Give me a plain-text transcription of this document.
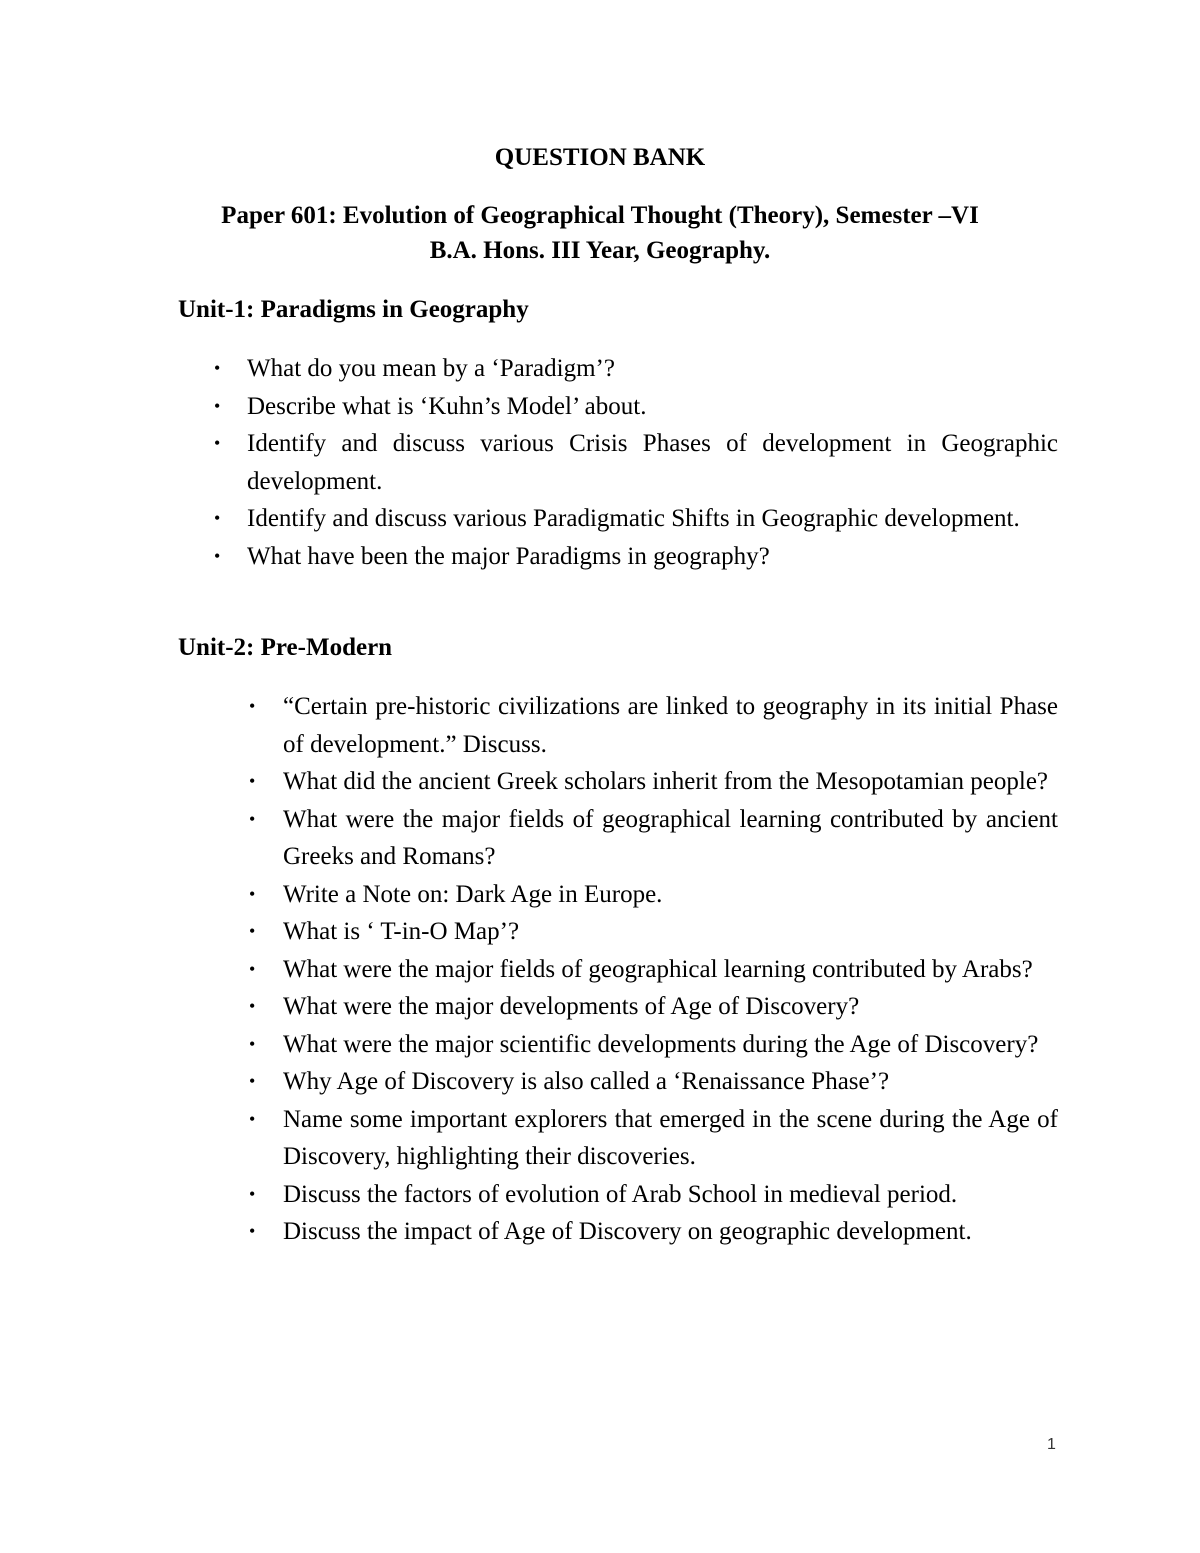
QUESTION BANK
Paper 601: Evolution of Geographical Thought (Theory), Semester –VI
B.A. Hons. III Year, Geography.
Unit-1: Paradigms in Geography
• What do you mean by a ‘Paradigm’?
• Describe what is ‘Kuhn’s Model’ about.
• Identify and discuss various Crisis Phases of development in Geographic development.
• Identify and discuss various Paradigmatic Shifts in Geographic development.
• What have been the major Paradigms in geography?
Unit-2: Pre-Modern
• “Certain pre-historic civilizations are linked to geography in its initial Phase of development.” Discuss.
• What did the ancient Greek scholars inherit from the Mesopotamian people?
• What were the major fields of geographical learning contributed by ancient Greeks and Romans?
• Write a Note on: Dark Age in Europe.
• What is ‘ T-in-O Map’?
• What were the major fields of geographical learning contributed by Arabs?
• What were the major developments of Age of Discovery?
• What were the major scientific developments during the Age of Discovery?
• Why Age of Discovery is also called a ‘Renaissance Phase’?
• Name some important explorers that emerged in the scene during the Age of Discovery, highlighting their discoveries.
• Discuss the factors of evolution of Arab School in medieval period.
• Discuss the impact of Age of Discovery on geographic development.
1
